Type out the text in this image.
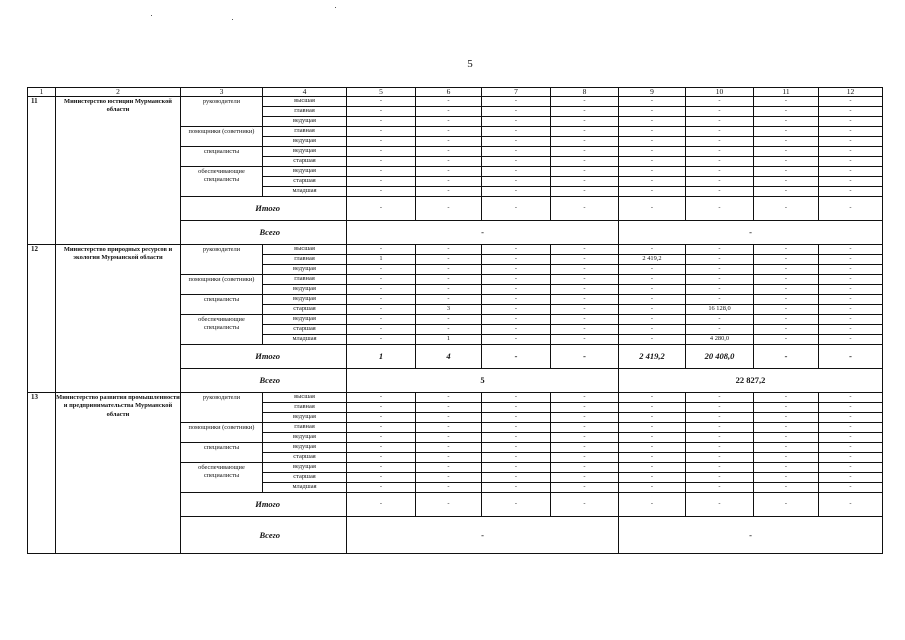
5
1	2	3	4	5	6	7	8	9	10	11	12
11	Министерство юстиции Мурманской области	руководители	высшая	-	-	-	-	-	-	-	-
			главная	-	-	-	-	-	-	-	-
			ведущая	-	-	-	-	-	-	-	-
		помощники (советники)	главная	-	-	-	-	-	-	-	-
			ведущая	-	-	-	-	-	-	-	-
		специалисты	ведущая	-	-	-	-	-	-	-	-
			старшая	-	-	-	-	-	-	-	-
		обеспечивающие специалисты	ведущая	-	-	-	-	-	-	-	-
			старшая	-	-	-	-	-	-	-	-
			младшая	-	-	-	-	-	-	-	-
		Итого		-	-	-	-	-	-	-	-
		Всего		-				-			
12	Министерство природных ресурсов и экологии Мурманской области	руководители	высшая	-	-	-	-	-	-	-	-
			главная	1	-	-	-	2 419,2	-	-	-
			ведущая	-	-	-	-	-	-	-	-
		помощники (советники)	главная	-	-	-	-	-	-	-	-
			ведущая	-	-	-	-	-	-	-	-
		специалисты	ведущая	-	-	-	-	-	-	-	-
			старшая	-	3	-	-	-	16 128,0	-	-
		обеспечивающие специалисты	ведущая	-	-	-	-	-	-	-	-
			старшая	-	-	-	-	-	-	-	-
			младшая	-	1	-	-	-	4 280,0	-	-
		Итого		1	4	-	-	2 419,2	20 408,0	-	-
		Всего		5				22 827,2			
13	Министерство развития промышленности и предпринимательства Мурманской области	руководители	высшая	-	-	-	-	-	-	-	-
			главная	-	-	-	-	-	-	-	-
			ведущая	-	-	-	-	-	-	-	-
		помощники (советники)	главная	-	-	-	-	-	-	-	-
			ведущая	-	-	-	-	-	-	-	-
		специалисты	ведущая	-	-	-	-	-	-	-	-
			старшая	-	-	-	-	-	-	-	-
		обеспечивающие специалисты	ведущая	-	-	-	-	-	-	-	-
			старшая	-	-	-	-	-	-	-	-
			младшая	-	-	-	-	-	-	-	-
		Итого		-	-	-	-	-	-	-	-
		Всего		-				-			
